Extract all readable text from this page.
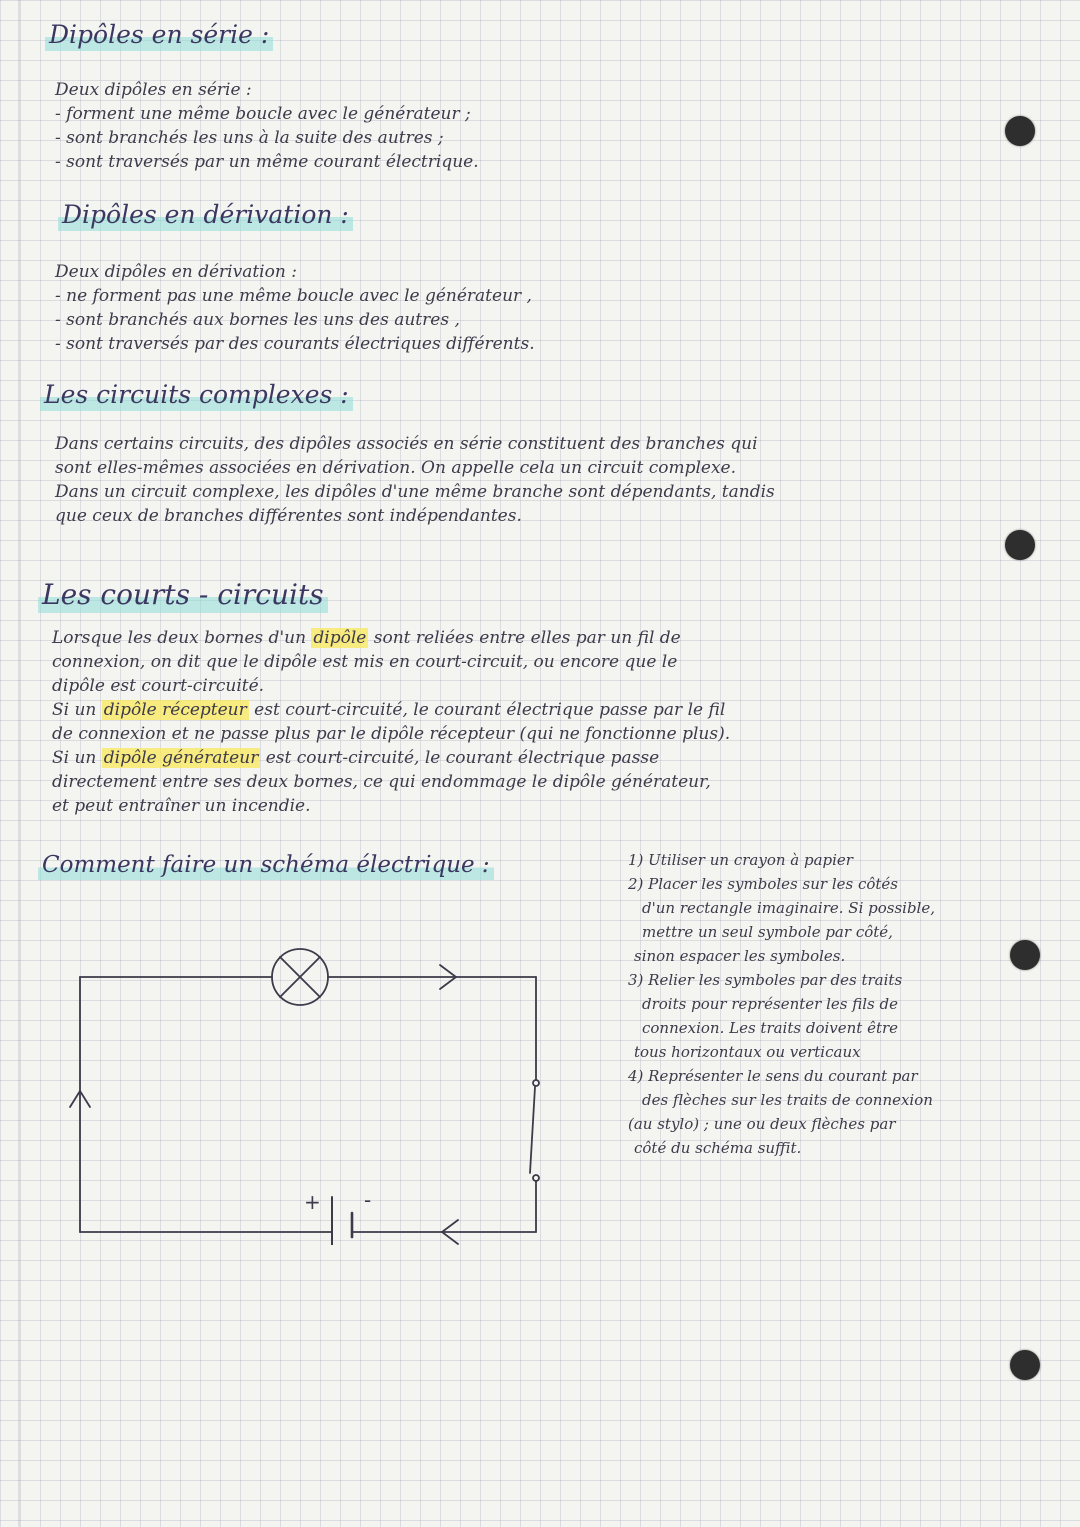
Dipôles en série :
Deux dipôles en série :
- forment une même boucle avec le générateur ;
- sont branchés les uns à la suite des autres ;
- sont traversés par un même courant électrique.
Dipôles en dérivation :
Deux dipôles en dérivation :
- ne forment pas une même boucle avec le générateur ,
- sont branchés aux bornes les uns des autres ,
- sont traversés par des courants électriques différents.
Les circuits complexes :
Dans certains circuits, des dipôles associés en série constituent des branches qui
sont elles-mêmes associées en dérivation. On appelle cela un circuit complexe.
Dans un circuit complexe, les dipôles d'une même branche sont dépendants, tandis
que ceux de branches différentes sont indépendantes.
Les courts - circuits
Lorsque les deux bornes d'un dipôle sont reliées entre elles par un fil de
connexion, on dit que le dipôle est mis en court-circuit, ou encore que le
dipôle est court-circuité.
Si un dipôle récepteur est court-circuité, le courant électrique passe par le fil
de connexion et ne passe plus par le dipôle récepteur (qui ne fonctionne plus).
Si un dipôle générateur est court-circuité, le courant électrique passe
directement entre ses deux bornes, ce qui endommage le dipôle générateur,
et peut entraîner un incendie.
Comment faire un schéma électrique :	1) Utiliser un crayon à papier
2) Placer les symboles sur les côtés
d'un rectangle imaginaire. Si possible,
mettre un seul symbole par côté,
sinon espacer les symboles.
3) Relier les symboles par des traits
droits pour représenter les fils de
connexion. Les traits doivent être
tous horizontaux ou verticaux
4) Représenter le sens du courant par
des flèches sur les traits de connexion
(au stylo) ; une ou deux flèches par
côté du schéma suffit.
+ -
